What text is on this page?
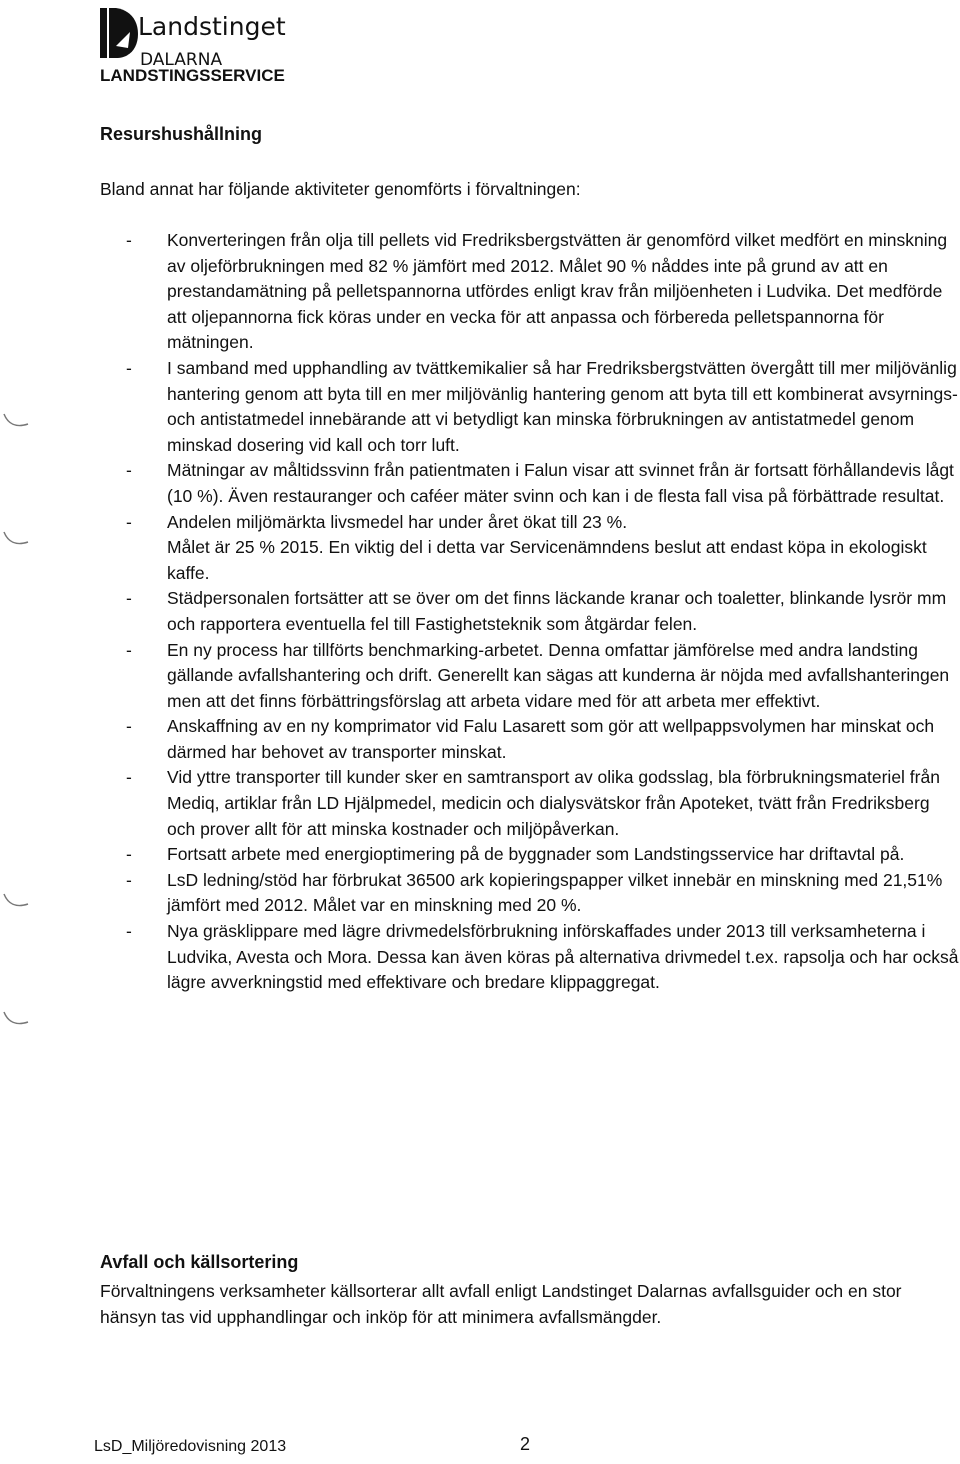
Landstinget
DALARNA
LANDSTINGSSERVICE
Resurshushållning
Bland annat har följande aktiviteter genomförts i förvaltningen:
- Konverteringen från olja till pellets vid Fredriksbergstvätten är genomförd vilket medfört en minskning av oljeförbrukningen med 82 % jämfört med 2012. Målet 90 % nåddes inte på grund av att en prestandamätning på pelletspannorna utfördes enligt krav från miljöenheten i Ludvika. Det medförde att oljepannorna fick köras under en vecka för att anpassa och förbereda pelletspannorna för mätningen.
- I samband med upphandling av tvättkemikalier så har Fredriksbergstvätten övergått till mer miljövänlig hantering genom att byta till en mer miljövänlig hantering genom att byta till ett kombinerat avsyrnings-och antistatmedel innebärande att vi betydligt kan minska förbrukningen av antistatmedel genom minskad dosering vid kall och torr luft.
- Mätningar av måltidssvinn från patientmaten i Falun visar att svinnet från är fortsatt förhållandevis lågt (10 %). Även restauranger och caféer mäter svinn och kan i de flesta fall visa på förbättrade resultat.
- Andelen miljömärkta livsmedel har under året ökat till 23 %.
Målet är 25 % 2015. En viktig del i detta var Servicenämndens beslut att endast köpa in ekologiskt kaffe.
- Städpersonalen fortsätter att se över om det finns läckande kranar och toaletter, blinkande lysrör mm och rapportera eventuella fel till Fastighetsteknik som åtgärdar felen.
- En ny process har tillförts benchmarking-arbetet. Denna omfattar jämförelse med andra landsting gällande avfallshantering och drift. Generellt kan sägas att kunderna är nöjda med avfallshanteringen men att det finns förbättringsförslag att arbeta vidare med för att arbeta mer effektivt.
- Anskaffning av en ny komprimator vid Falu Lasarett som gör att wellpappsvolymen har minskat och därmed har behovet av transporter minskat.
- Vid yttre transporter till kunder sker en samtransport av olika godsslag, bla förbrukningsmateriel från Mediq, artiklar från LD Hjälpmedel, medicin och dialysvätskor från Apoteket, tvätt från Fredriksberg och prover allt för att minska kostnader och miljöpåverkan.
- Fortsatt arbete med energioptimering på de byggnader som Landstingsservice har driftavtal på.
- LsD ledning/stöd har förbrukat 36500 ark kopieringspapper vilket innebär en minskning med 21,51% jämfört med 2012. Målet var en minskning med 20 %.
- Nya gräsklippare med lägre drivmedelsförbrukning införskaffades under 2013 till verksamheterna i Ludvika, Avesta och Mora. Dessa kan även köras på alternativa drivmedel t.ex. rapsolja och har också lägre avverkningstid med effektivare och bredare klippaggregat.
Avfall och källsortering
Förvaltningens verksamheter källsorterar allt avfall enligt Landstinget Dalarnas avfallsguider och en stor hänsyn tas vid upphandlingar och inköp för att minimera avfallsmängder.
LsD_Miljöredovisning 2013	2
